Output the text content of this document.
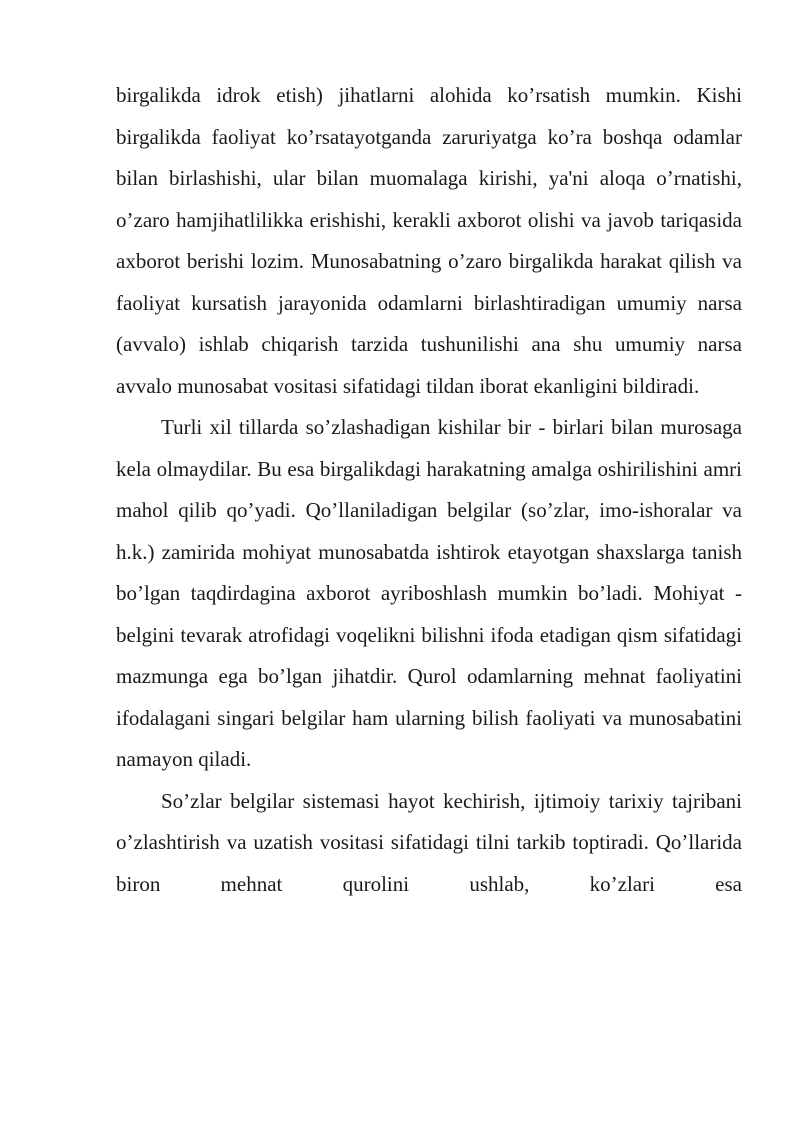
birgalikda idrok etish) jihatlarni alohida ko’rsatish mumkin. Kishi birgalikda faoliyat ko’rsatayotganda zaruriyatga ko’ra boshqa odamlar bilan birlashishi, ular bilan muomalaga kirishi, ya'ni aloqa o’rnatishi, o’zaro hamjihatlilikka erishishi, kerakli axborot olishi va javob tariqasida axborot berishi lozim. Munosabatning o’zaro birgalikda harakat qilish va faoliyat kursatish jarayonida odamlarni birlashtiradigan umumiy narsa (avvalo) ishlab chiqarish tarzida tushunilishi ana shu umumiy narsa avvalo munosabat vositasi sifatidagi tildan iborat ekanligini bildiradi.

Turli xil tillarda so’zlashadigan kishilar bir - birlari bilan murosaga kela olmaydilar. Bu esa birgalikdagi harakatning amalga oshirilishini amri mahol qilib qo’yadi. Qo’llaniladigan belgilar (so’zlar, imo-ishoralar va h.k.) zamirida mohiyat munosabatda ishtirok etayotgan shaxslarga tanish bo’lgan taqdirdagina axborot ayriboshlash mumkin bo’ladi. Mohiyat - belgini tevarak atrofidagi voqelikni bilishni ifoda etadigan qism sifatidagi mazmunga ega bo’lgan jihatdir. Qurol odamlarning mehnat faoliyatini ifodalagani singari belgilar ham ularning bilish faoliyati va munosabatini namayon qiladi.

So’zlar belgilar sistemasi hayot kechirish, ijtimoiy tarixiy tajribani o’zlashtirish va uzatish vositasi sifatidagi tilni tarkib toptiradi. Qo’llarida biron mehnat qurolini ushlab, ko’zlari esa
